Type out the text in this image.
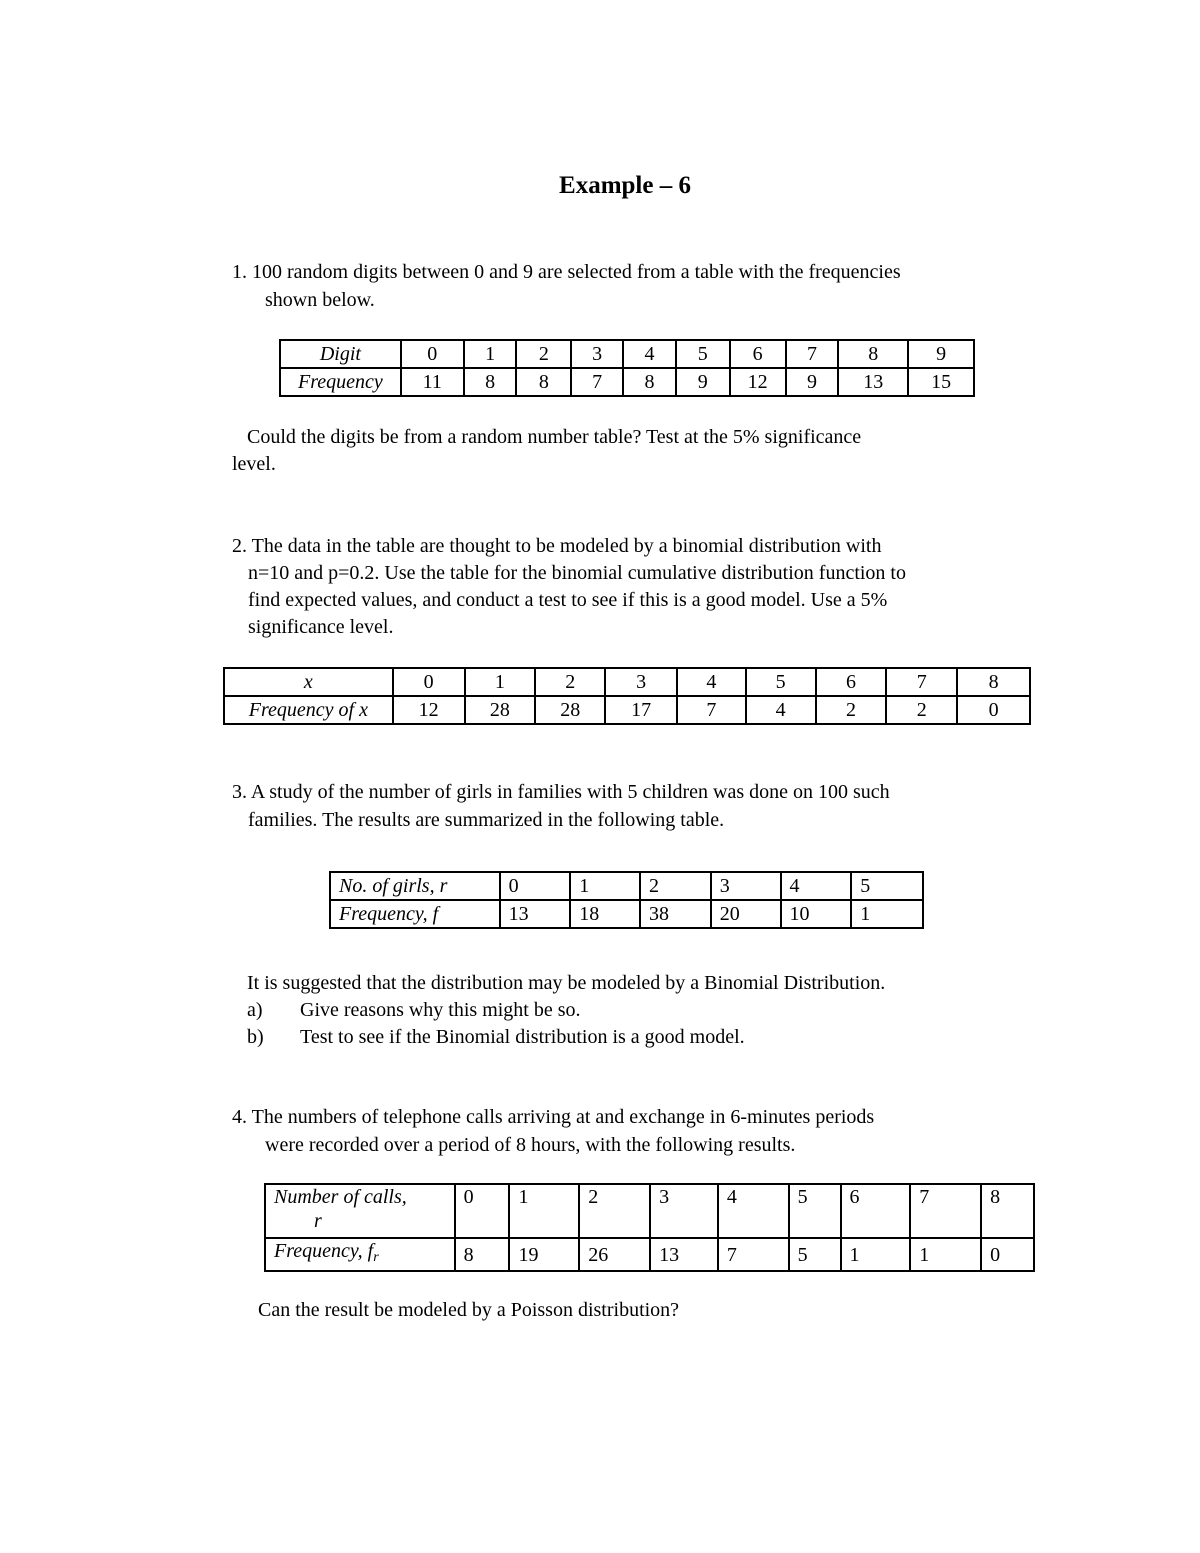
Example – 6
1. 100 random digits between 0 and 9 are selected from a table with the frequencies
shown below.
Digit	0	1	2	3	4	5	6	7	8	9
Frequency	11	8	8	7	8	9	12	9	13	15
Could the digits be from a random number table? Test at the 5% significance
level.
2. The data in the table are thought to be modeled by a binomial distribution with
n=10 and p=0.2. Use the table for the binomial cumulative distribution function to
find expected values, and conduct a test to see if this is a good model. Use a 5%
significance level.
x	0	1	2	3	4	5	6	7	8
Frequency of x	12	28	28	17	7	4	2	2	0
3. A study of the number of girls in families with 5 children was done on 100 such
families. The results are summarized in the following table.
No. of girls, r	0	1	2	3	4	5
Frequency, f	13	18	38	20	10	1
It is suggested that the distribution may be modeled by a Binomial Distribution.
a) Give reasons why this might be so.
b) Test to see if the Binomial distribution is a good model.
4. The numbers of telephone calls arriving at and exchange in 6-minutes periods
were recorded over a period of 8 hours, with the following results.
Number of calls,
r	0	1	2	3	4	5	6	7	8
Frequency, $f_r$	8	19	26	13	7	5	1	1	0
Can the result be modeled by a Poisson distribution?
